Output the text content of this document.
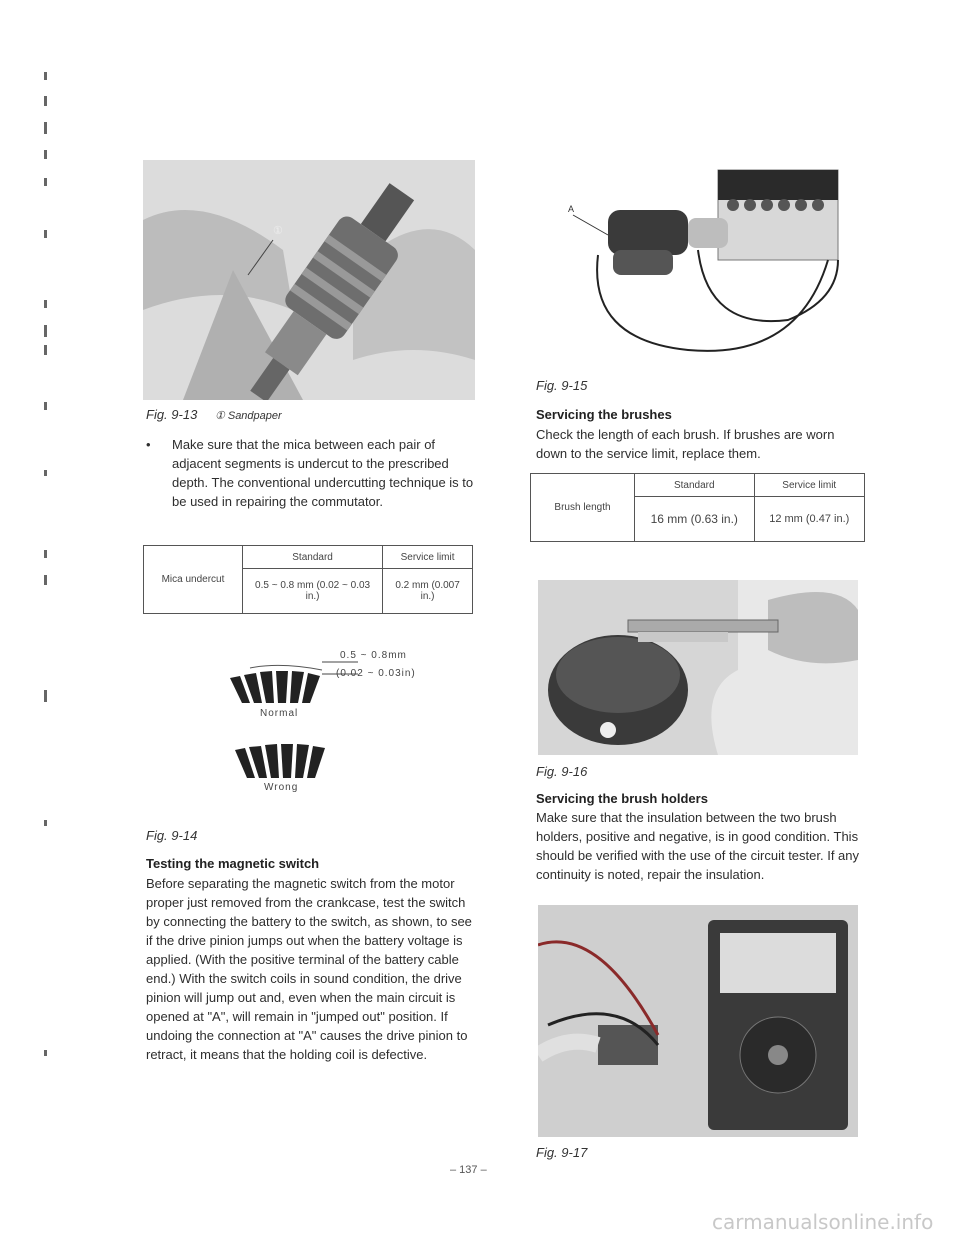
①
Fig. 9-13 ① Sandpaper
• Make sure that the mica between each pair of adjacent segments is undercut to the prescribed depth. The conventional undercutting technique is to be used in repairing the commutator.
Mica undercut	Standard	Service limit
	0.5 ~ 0.8 mm (0.02 ~ 0.03 in.)	0.2 mm (0.007 in.)
0.5 ~ 0.8mm
(0.02 ~ 0.03in)
Normal
Wrong
Fig. 9-14
Testing the magnetic switch
Before separating the magnetic switch from the motor proper just removed from the crankcase, test the switch by connecting the battery to the switch, as shown, to see if the drive pinion jumps out when the battery voltage is applied. (With the positive terminal of the battery cable end.) With the switch coils in sound condition, the drive pinion will jump out and, even when the main circuit is opened at "A", will remain in "jumped out" position. If undoing the connection at "A" causes the drive pinion to retract, it means that the holding coil is defective.
A
Fig. 9-15
Servicing the brushes
Check the length of each brush. If brushes are worn down to the service limit, replace them.
Brush length	Standard	Service limit
	16 mm (0.63 in.)	12 mm (0.47 in.)
Fig. 9-16
Servicing the brush holders
Make sure that the insulation between the two brush holders, positive and negative, is in good condition. This should be verified with the use of the circuit tester. If any continuity is noted, repair the insulation.
Fig. 9-17
– 137 –
carmanualsonline.info
